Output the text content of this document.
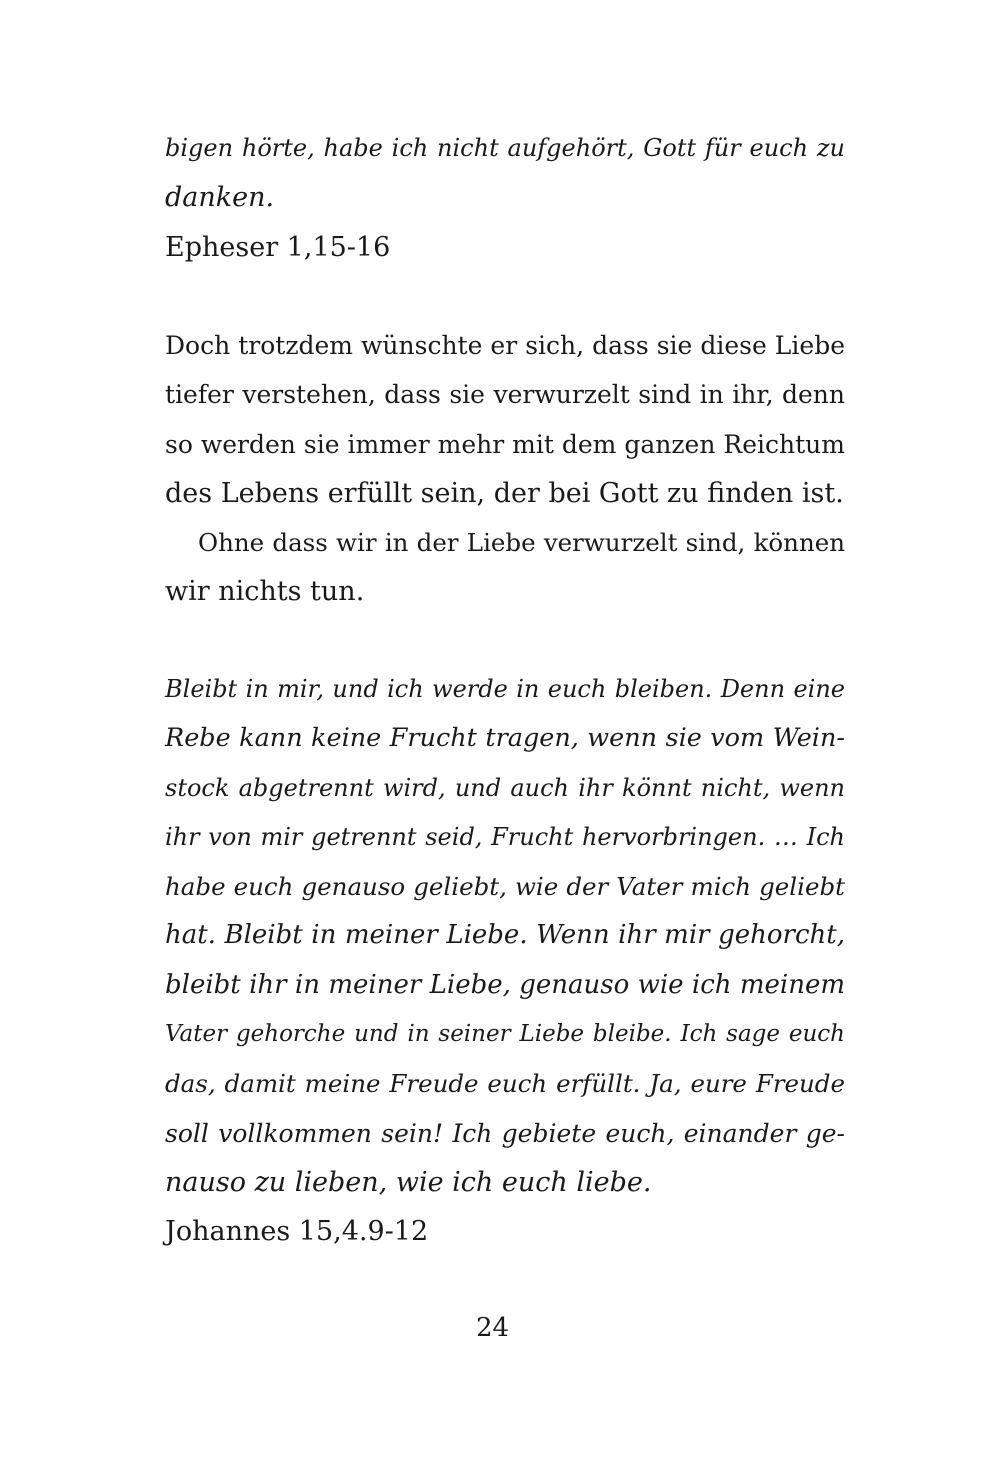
bigen hörte, habe ich nicht aufgehört, Gott für euch zu
danken.
Epheser 1,15-16
Doch trotzdem wünschte er sich, dass sie diese Liebe
tiefer verstehen, dass sie verwurzelt sind in ihr, denn
so werden sie immer mehr mit dem ganzen Reichtum
des Lebens erfüllt sein, der bei Gott zu finden ist.
Ohne dass wir in der Liebe verwurzelt sind, können
wir nichts tun.
Bleibt in mir, und ich werde in euch bleiben. Denn eine
Rebe kann keine Frucht tragen, wenn sie vom Wein-
stock abgetrennt wird, und auch ihr könnt nicht, wenn
ihr von mir getrennt seid, Frucht hervorbringen. … Ich
habe euch genauso geliebt, wie der Vater mich geliebt
hat. Bleibt in meiner Liebe. Wenn ihr mir gehorcht,
bleibt ihr in meiner Liebe, genauso wie ich meinem
Vater gehorche und in seiner Liebe bleibe. Ich sage euch
das, damit meine Freude euch erfüllt. Ja, eure Freude
soll vollkommen sein! Ich gebiete euch, einander ge-
nauso zu lieben, wie ich euch liebe.
Johannes 15,4.9-12
24
